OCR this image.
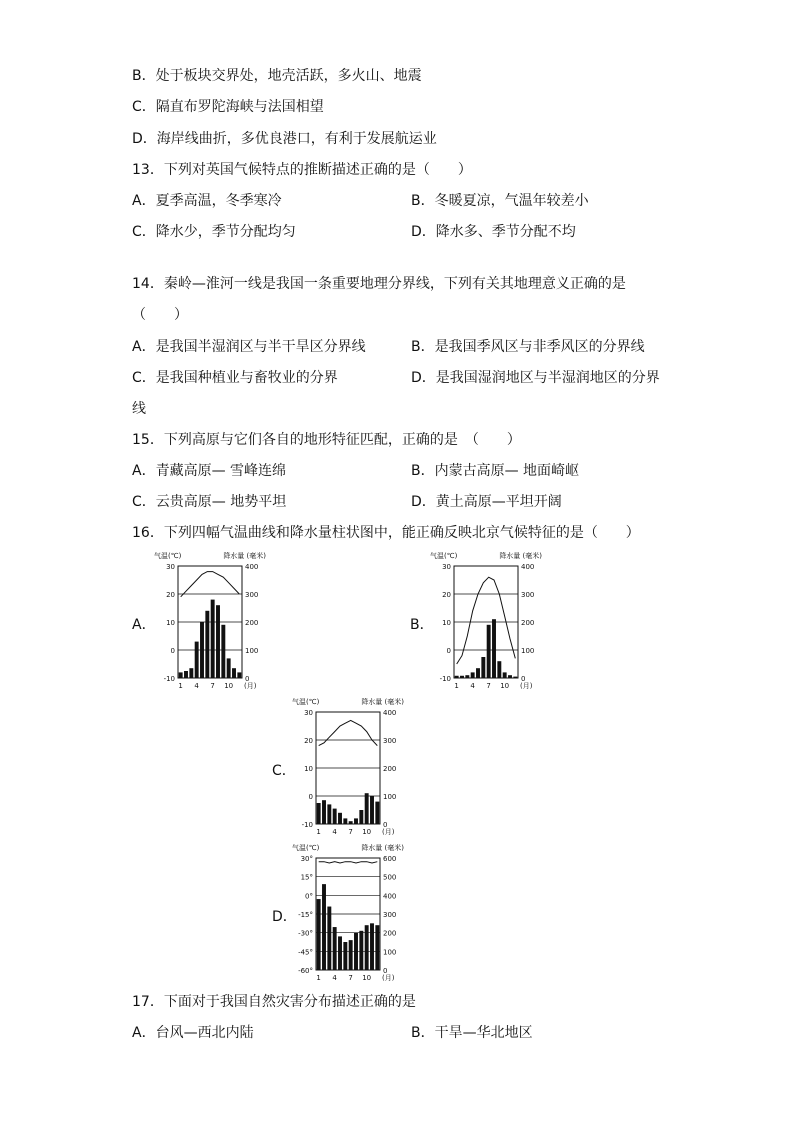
B．处于板块交界处，地壳活跃，多火山、地震
C．隔直布罗陀海峡与法国相望
D．海岸线曲折，多优良港口，有利于发展航运业
13．下列对英国气候特点的推断描述正确的是（　　）
A．夏季高温，冬季寒冷	B．冬暖夏凉，气温年较差小
C．降水少，季节分配均匀	D．降水多、季节分配不均
14．秦岭—淮河一线是我国一条重要地理分界线，下列有关其地理意义正确的是
（　　）
A．是我国半湿润区与半干旱区分界线	B．是我国季风区与非季风区的分界线
C．是我国种植业与畜牧业的分界	D．是我国湿润地区与半湿润地区的分界
线
15．下列高原与它们各自的地形特征匹配，正确的是　（　　）
A．青藏高原— 雪峰连绵	B．内蒙古高原— 地面崎岖
C．云贵高原— 地势平坦	D．黄土高原—平坦开阔
16．下列四幅气温曲线和降水量柱状图中，能正确反映北京气候特征的是（　　）
A．	B．
C．
D．
气温(℃)	降水量 (毫米)
30	400
20	300
10	200
0	100
-10	0
1 4 7 10 (月)
气温(℃)	降水量 (毫米)
30	400
20	300
10	200
0	100
-10	0
1 4 7 10 (月)
气温(℃)	降水量 (毫米)
30	400
20	300
10	200
0	100
-10	0
1 4 7 10 (月)
气温(℃)	降水量 (毫米)
30°	600
15°	500
0°	400
-15°	300
-30°	200
-45°	100
-60°	0
1 4 7 10 (月)
17．下面对于我国自然灾害分布描述正确的是
A．台风—西北内陆	B．干旱—华北地区
